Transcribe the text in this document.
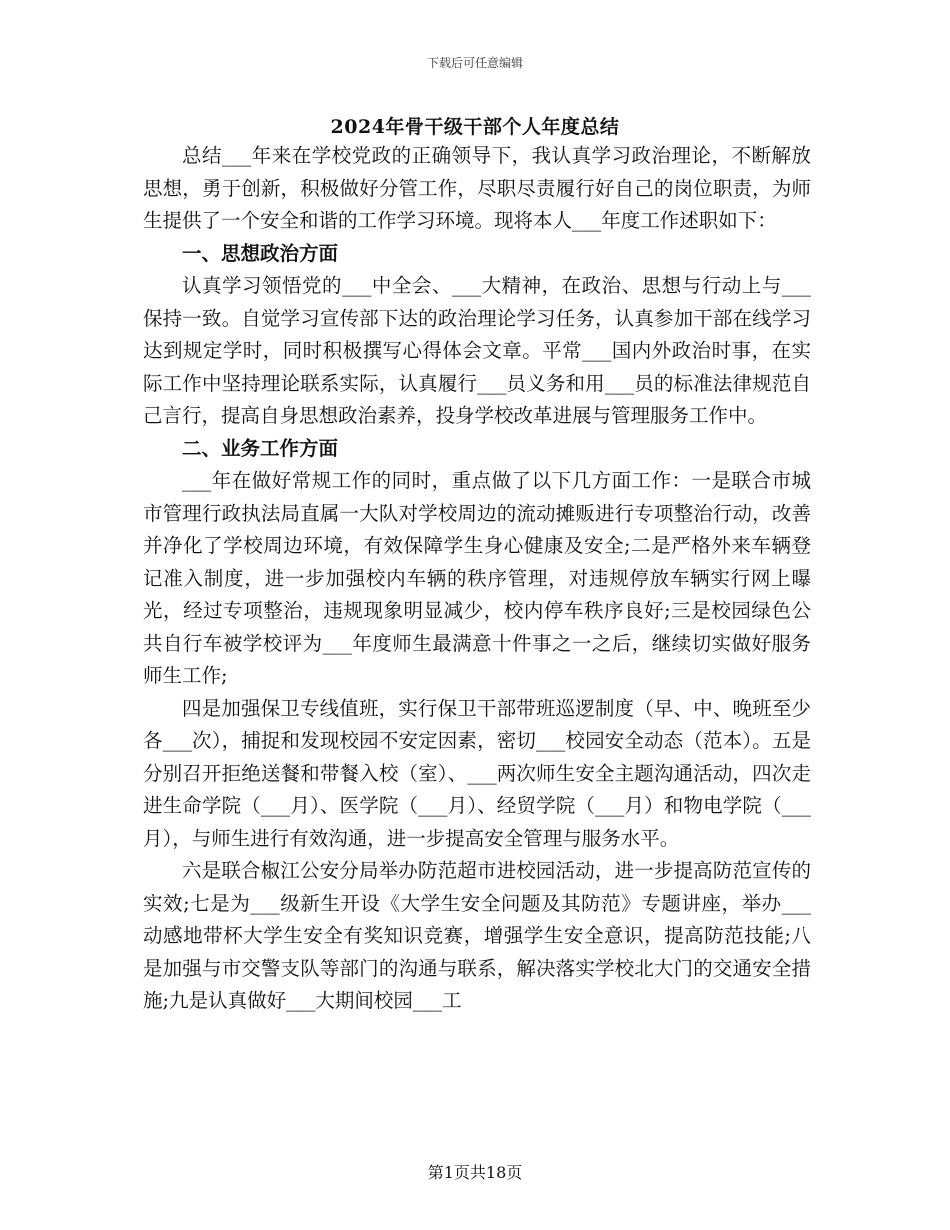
下载后可任意编辑
2024年骨干级干部个人年度总结

总结___年来在学校党政的正确领导下，我认真学习政治理论，不断解放思想，勇于创新，积极做好分管工作，尽职尽责履行好自己的岗位职责，为师生提供了一个安全和谐的工作学习环境。现将本人___年度工作述职如下：

一、思想政治方面

认真学习领悟党的___中全会、___大精神，在政治、思想与行动上与___保持一致。自觉学习宣传部下达的政治理论学习任务，认真参加干部在线学习达到规定学时，同时积极撰写心得体会文章。平常___国内外政治时事，在实际工作中坚持理论联系实际，认真履行___员义务和用___员的标准法律规范自己言行，提高自身思想政治素养，投身学校改革进展与管理服务工作中。

二、业务工作方面

___年在做好常规工作的同时，重点做了以下几方面工作：一是联合市城市管理行政执法局直属一大队对学校周边的流动摊贩进行专项整治行动，改善并净化了学校周边环境，有效保障学生身心健康及安全;二是严格外来车辆登记准入制度，进一步加强校内车辆的秩序管理，对违规停放车辆实行网上曝光，经过专项整治，违规现象明显减少，校内停车秩序良好;三是校园绿色公共自行车被学校评为___年度师生最满意十件事之一之后，继续切实做好服务师生工作;

四是加强保卫专线值班，实行保卫干部带班巡逻制度（早、中、晚班至少各___次），捕捉和发现校园不安定因素，密切___校园安全动态（范本）。五是分别召开拒绝送餐和带餐入校（室）、___两次师生安全主题沟通活动，四次走进生命学院（___月）、医学院（___月）、经贸学院（___月）和物电学院（___月），与师生进行有效沟通，进一步提高安全管理与服务水平。

六是联合椒江公安分局举办防范超市进校园活动，进一步提高防范宣传的实效;七是为___级新生开设《大学生安全问题及其防范》专题讲座，举办___动感地带杯大学生安全有奖知识竞赛，增强学生安全意识，提高防范技能;八是加强与市交警支队等部门的沟通与联系，解决落实学校北大门的交通安全措施;九是认真做好___大期间校园___工

第1页共18页
